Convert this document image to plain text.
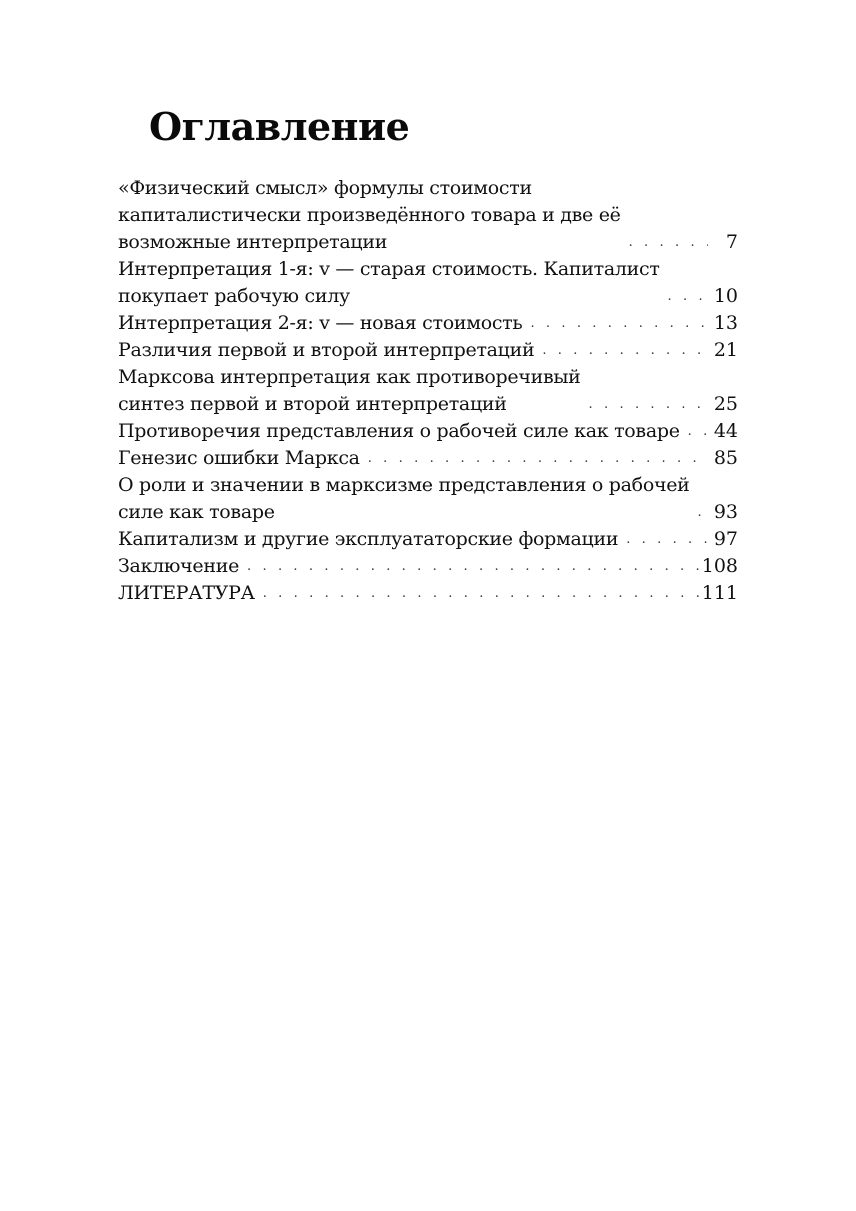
Оглавление
«Физический смысл» формулы стоимости
капиталистически произведённого товара и две её
возможные интерпретации . . .	7
Интерпретация 1-я: v — старая стоимость. Капиталист
покупает рабочую силу . . .	10
Интерпретация 2-я: v — новая стоимость . . .	13
Различия первой и второй интерпретаций . . .	21
Марксова интерпретация как противоречивый
синтез первой и второй интерпретаций . . .	25
Противоречия представления о рабочей силе как товаре . . .	44
Генезис ошибки Маркса . . .	85
О роли и значении в марксизме представления о рабочей
силе как товаре . . .	93
Капитализм и другие эксплуататорские формации . . .	97
Заключение . . .	108
ЛИТЕРАТУРА . . .	111
